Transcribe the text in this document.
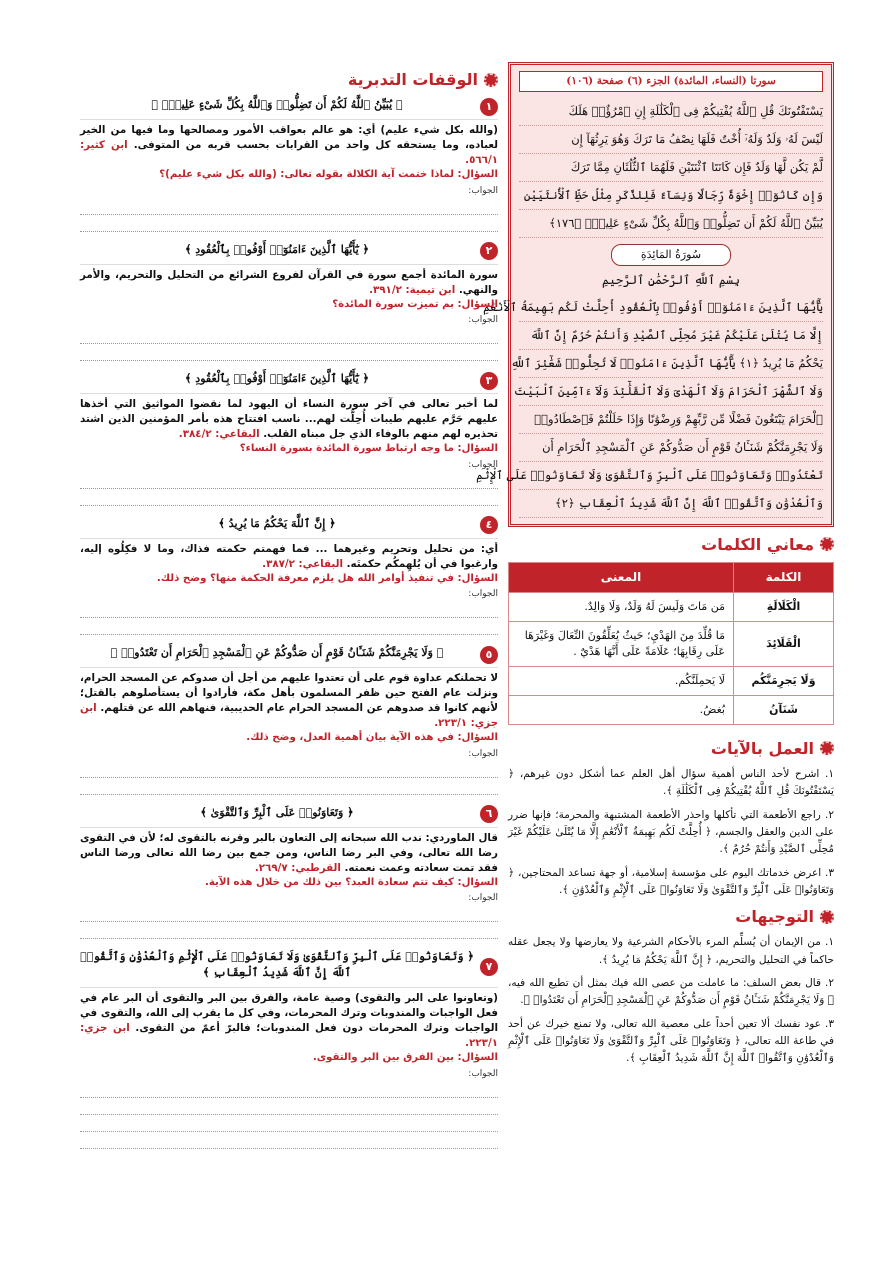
سورتا (النساء، المائدة) الجزء (٦) صفحة (١٠٦)
يَسْتَفْتُونَكَ قُلِ ٱللَّهُ يُفْتِيكُمْ فِى ٱلْكَلَٰلَةِ إِنِ ٱمْرُؤٌا۟ هَلَكَ
لَيْسَ لَهُۥ وَلَدٌ وَلَهُۥٓ أُخْتٌ فَلَهَا نِصْفُ مَا تَرَكَ وَهُوَ يَرِثُهَآ إِن
لَّمْ يَكُن لَّهَا وَلَدٌ فَإِن كَانَتَا ٱثْنَتَيْنِ فَلَهُمَا ٱلثُّلُثَانِ مِمَّا تَرَكَ
وَإِن كَانُوٓا۟ إِخْوَةً رِّجَالًا وَنِسَآءً فَلِلذَّكَرِ مِثْلُ حَظِّ ٱلْأُنثَيَيْنِ
يُبَيِّنُ ٱللَّهُ لَكُمْ أَن تَضِلُّوا۟ وَٱللَّهُ بِكُلِّ شَىْءٍ عَلِيمٌۢ ﴿١٧٦﴾
سُورَةُ المَائِدَةِ
بِسْمِ ٱللَّهِ ٱلرَّحْمَٰنِ ٱلرَّحِيمِ
يَٰٓأَيُّهَا ٱلَّذِينَ ءَامَنُوٓا۟ أَوْفُوا۟ بِٱلْعُقُودِ أُحِلَّتْ لَكُم بَهِيمَةُ ٱلْأَنْعَٰمِ
إِلَّا مَا يُتْلَىٰ عَلَيْكُمْ غَيْرَ مُحِلِّى ٱلصَّيْدِ وَأَنتُمْ حُرُمٌ إِنَّ ٱللَّهَ
يَحْكُمُ مَا يُرِيدُ ﴿١﴾ يَٰٓأَيُّهَا ٱلَّذِينَ ءَامَنُوا۟ لَا تُحِلُّوا۟ شَعَٰٓئِرَ ٱللَّهِ
وَلَا ٱلشَّهْرَ ٱلْحَرَامَ وَلَا ٱلْهَدْىَ وَلَا ٱلْقَلَٰٓئِدَ وَلَآ ءَآمِّينَ ٱلْبَيْتَ
ٱلْحَرَامَ يَبْتَغُونَ فَضْلًا مِّن رَّبِّهِمْ وَرِضْوَٰنًا وَإِذَا حَلَلْتُمْ فَٱصْطَادُوا۟
وَلَا يَجْرِمَنَّكُمْ شَنَـَٔانُ قَوْمٍ أَن صَدُّوكُمْ عَنِ ٱلْمَسْجِدِ ٱلْحَرَامِ أَن
تَعْتَدُوا۟ وَتَعَاوَنُوا۟ عَلَى ٱلْبِرِّ وَٱلتَّقْوَىٰ وَلَا تَعَاوَنُوا۟ عَلَى ٱلْإِثْمِ
وَٱلْعُدْوَٰنِ وَٱتَّقُوا۟ ٱللَّهَ إِنَّ ٱللَّهَ شَدِيدُ ٱلْعِقَابِ ﴿٢﴾
معاني الكلمات
الكلمة	المعنى
الْكَلَالَةِ	مَن مَاتَ وَلَيسَ لَهُ وَلَدٌ، وَلَا وَالِدٌ.
الْقَلَائِدَ	مَا قُلِّدَ مِنَ الهَدْيِ؛ حَيثُ يُعَلِّقُونَ النِّعَالَ وَغَيْرَهَا عَلَى رِقَابِهَا؛ عَلَامَةً عَلَى أَنَّهَا هَدْيٌ .
وَلَا يَجرِمَنَّكُم	لَا يَحمِلَنَّكُم.
شَنَآنُ	بُغضُ.
العمل بالآيات
١. اشرح لأحد الناس أهمية سؤال أهل العلم عما أشكل دون غيرهم، ﴿ يَسْتَفْتُونَكَ قُلِ ٱللَّهُ يُفْتِيكُمْ فِى ٱلْكَلَٰلَةِ ﴾.
٢. راجع الأطعمة التي تأكلها واحذر الأطعمة المشتبهة والمحرمة؛ فإنها ضرر على الدين والعقل والجسم، ﴿ أُحِلَّتْ لَكُم بَهِيمَةُ ٱلْأَنْعَٰمِ إِلَّا مَا يُتْلَىٰ عَلَيْكُمْ غَيْرَ مُحِلِّى ٱلصَّيْدِ وَأَنتُمْ حُرُمٌ ﴾.
٣. اعرض خدماتك اليوم على مؤسسة إسلامية، أو جهة تساعد المحتاجين، ﴿ وَتَعَاوَنُوا۟ عَلَى ٱلْبِرِّ وَٱلتَّقْوَىٰ وَلَا تَعَاوَنُوا۟ عَلَى ٱلْإِثْمِ وَٱلْعُدْوَٰنِ ﴾.
التوجيهات
١. من الإيمان أن يُسلِّم المرء بالأحكام الشرعية ولا يعارضها ولا يجعل عقله حاكماً في التحليل والتحريم، ﴿ إِنَّ ٱللَّهَ يَحْكُمُ مَا يُرِيدُ ﴾.
٢. قال بعض السلف: ما عاملت من عصى الله فيك بمثل أن تطيع الله فيه، ﴿ وَلَا يَجْرِمَنَّكُمْ شَنَـَٔانُ قَوْمٍ أَن صَدُّوكُمْ عَنِ ٱلْمَسْجِدِ ٱلْحَرَامِ أَن تَعْتَدُوا۟ ﴾.
٣. عود نفسك ألا تعين أحداً على معصية الله تعالى، ولا تمنع خيرك عن أحد في طاعة الله تعالى، ﴿ وَتَعَاوَنُوا۟ عَلَى ٱلْبِرِّ وَٱلتَّقْوَىٰ وَلَا تَعَاوَنُوا۟ عَلَى ٱلْإِثْمِ وَٱلْعُدْوَٰنِ وَٱتَّقُوا۟ ٱللَّهَ إِنَّ ٱللَّهَ شَدِيدُ ٱلْعِقَابِ ﴾.
الوقفات التدبرية
١
﴿ يُبَيِّنُ ٱللَّهُ لَكُمْ أَن تَضِلُّوا۟ وَٱللَّهُ بِكُلِّ شَىْءٍ عَلِيمٌۢ ﴾
(والله بكل شيء عليم) أي: هو عالم بعواقب الأمور ومصالحها وما فيها من الخير لعباده، وما يستحقه كل واحد من القرابات بحسب قربه من المتوفى. ابن كثير: ٥٦٦/١.
السؤال: لماذا ختمت آية الكلالة بقوله تعالى: (والله بكل شيء عليم)؟
الجواب:
٢
﴿ يَٰٓأَيُّهَا ٱلَّذِينَ ءَامَنُوٓا۟ أَوْفُوا۟ بِٱلْعُقُودِ ﴾
سورة المائدة أجمع سورة في القرآن لفروع الشرائع من التحليل والتحريم، والأمر والنهي. ابن تيمية: ٣٩١/٢.
السؤال: بم تميزت سورة المائدة؟
الجواب:
٣
﴿ يَٰٓأَيُّهَا ٱلَّذِينَ ءَامَنُوٓا۟ أَوْفُوا۟ بِٱلْعُقُودِ ﴾
لما أخبر تعالى في آخر سورة النساء أن اليهود لما نقضوا المواثيق التي أخذها عليهم حَرَّم عليهم طيبات أُحِلَّت لهم... ناسب افتتاح هذه بأمر المؤمنين الذين اشتد تحذيره لهم منهم بالوفاء الذي جل مبناه القلب. البقاعي: ٣٨٤/٢.
السؤال: ما وجه ارتباط سورة المائدة بسورة النساء؟
الجواب:
٤
﴿ إِنَّ ٱللَّهَ يَحْكُمُ مَا يُرِيدُ ﴾
أي: من تحليل وتحريم وغيرهما ... فما فهمتم حكمته فذاك، وما لا فكِلُوه إليه، وارغبوا في أن يُلهِمكُم حكمتَه. البقاعي: ٣٨٧/٢.
السؤال: في تنفيذ أوامر الله هل يلزم معرفة الحكمة منها؟ وضح ذلك.
الجواب:
٥
﴿ وَلَا يَجْرِمَنَّكُمْ شَنَـَٔانُ قَوْمٍ أَن صَدُّوكُمْ عَنِ ٱلْمَسْجِدِ ٱلْحَرَامِ أَن تَعْتَدُوا۟ ﴾
لا تحملنكم عداوة قوم على أن تعتدوا عليهم من أجل أن صدوكم عن المسجد الحرام، ونزلت عام الفتح حين ظفر المسلمون بأهل مكة، فأرادوا أن يستأصلوهم بالقتل؛ لأنهم كانوا قد صدوهم عن المسجد الحرام عام الحديبية، فنهاهم الله عن قتلهم. ابن جزي: ٢٢٣/١.
السؤال: في هذه الآية بيان أهمية العدل، وضح ذلك.
الجواب:
٦
﴿ وَتَعَاوَنُوا۟ عَلَى ٱلْبِرِّ وَٱلتَّقْوَىٰ ﴾
قال الماوردي: ندب الله سبحانه إلى التعاون بالبر وقرنه بالتقوى له؛ لأن في التقوى رضا الله تعالى، وفي البر رضا الناس، ومن جمع بين رضا الله تعالى ورضا الناس فقد تمت سعادته وعمت نعمته. القرطبي: ٢٦٩/٧.
السؤال: كيف تتم سعادة العبد؟ بين ذلك من خلال هذه الآية.
الجواب:
٧
﴿ وَتَعَاوَنُوا۟ عَلَى ٱلْبِرِّ وَٱلتَّقْوَىٰ وَلَا تَعَاوَنُوا۟ عَلَى ٱلْإِثْمِ وَٱلْعُدْوَٰنِ وَٱتَّقُوا۟ ٱللَّهَ إِنَّ ٱللَّهَ شَدِيدُ ٱلْعِقَابِ ﴾
(وتعاونوا على البر والتقوى) وصية عامة، والفرق بين البر والتقوى أن البر عام في فعل الواجبات والمندوبات وترك المحرمات، وفي كل ما يقرب إلى الله، والتقوى في الواجبات وترك المحرمات دون فعل المندوبات؛ فالبرّ أعمّ من التقوى. ابن جزي: ٢٢٣/١.
السؤال: بين الفرق بين البر والتقوى.
الجواب:
